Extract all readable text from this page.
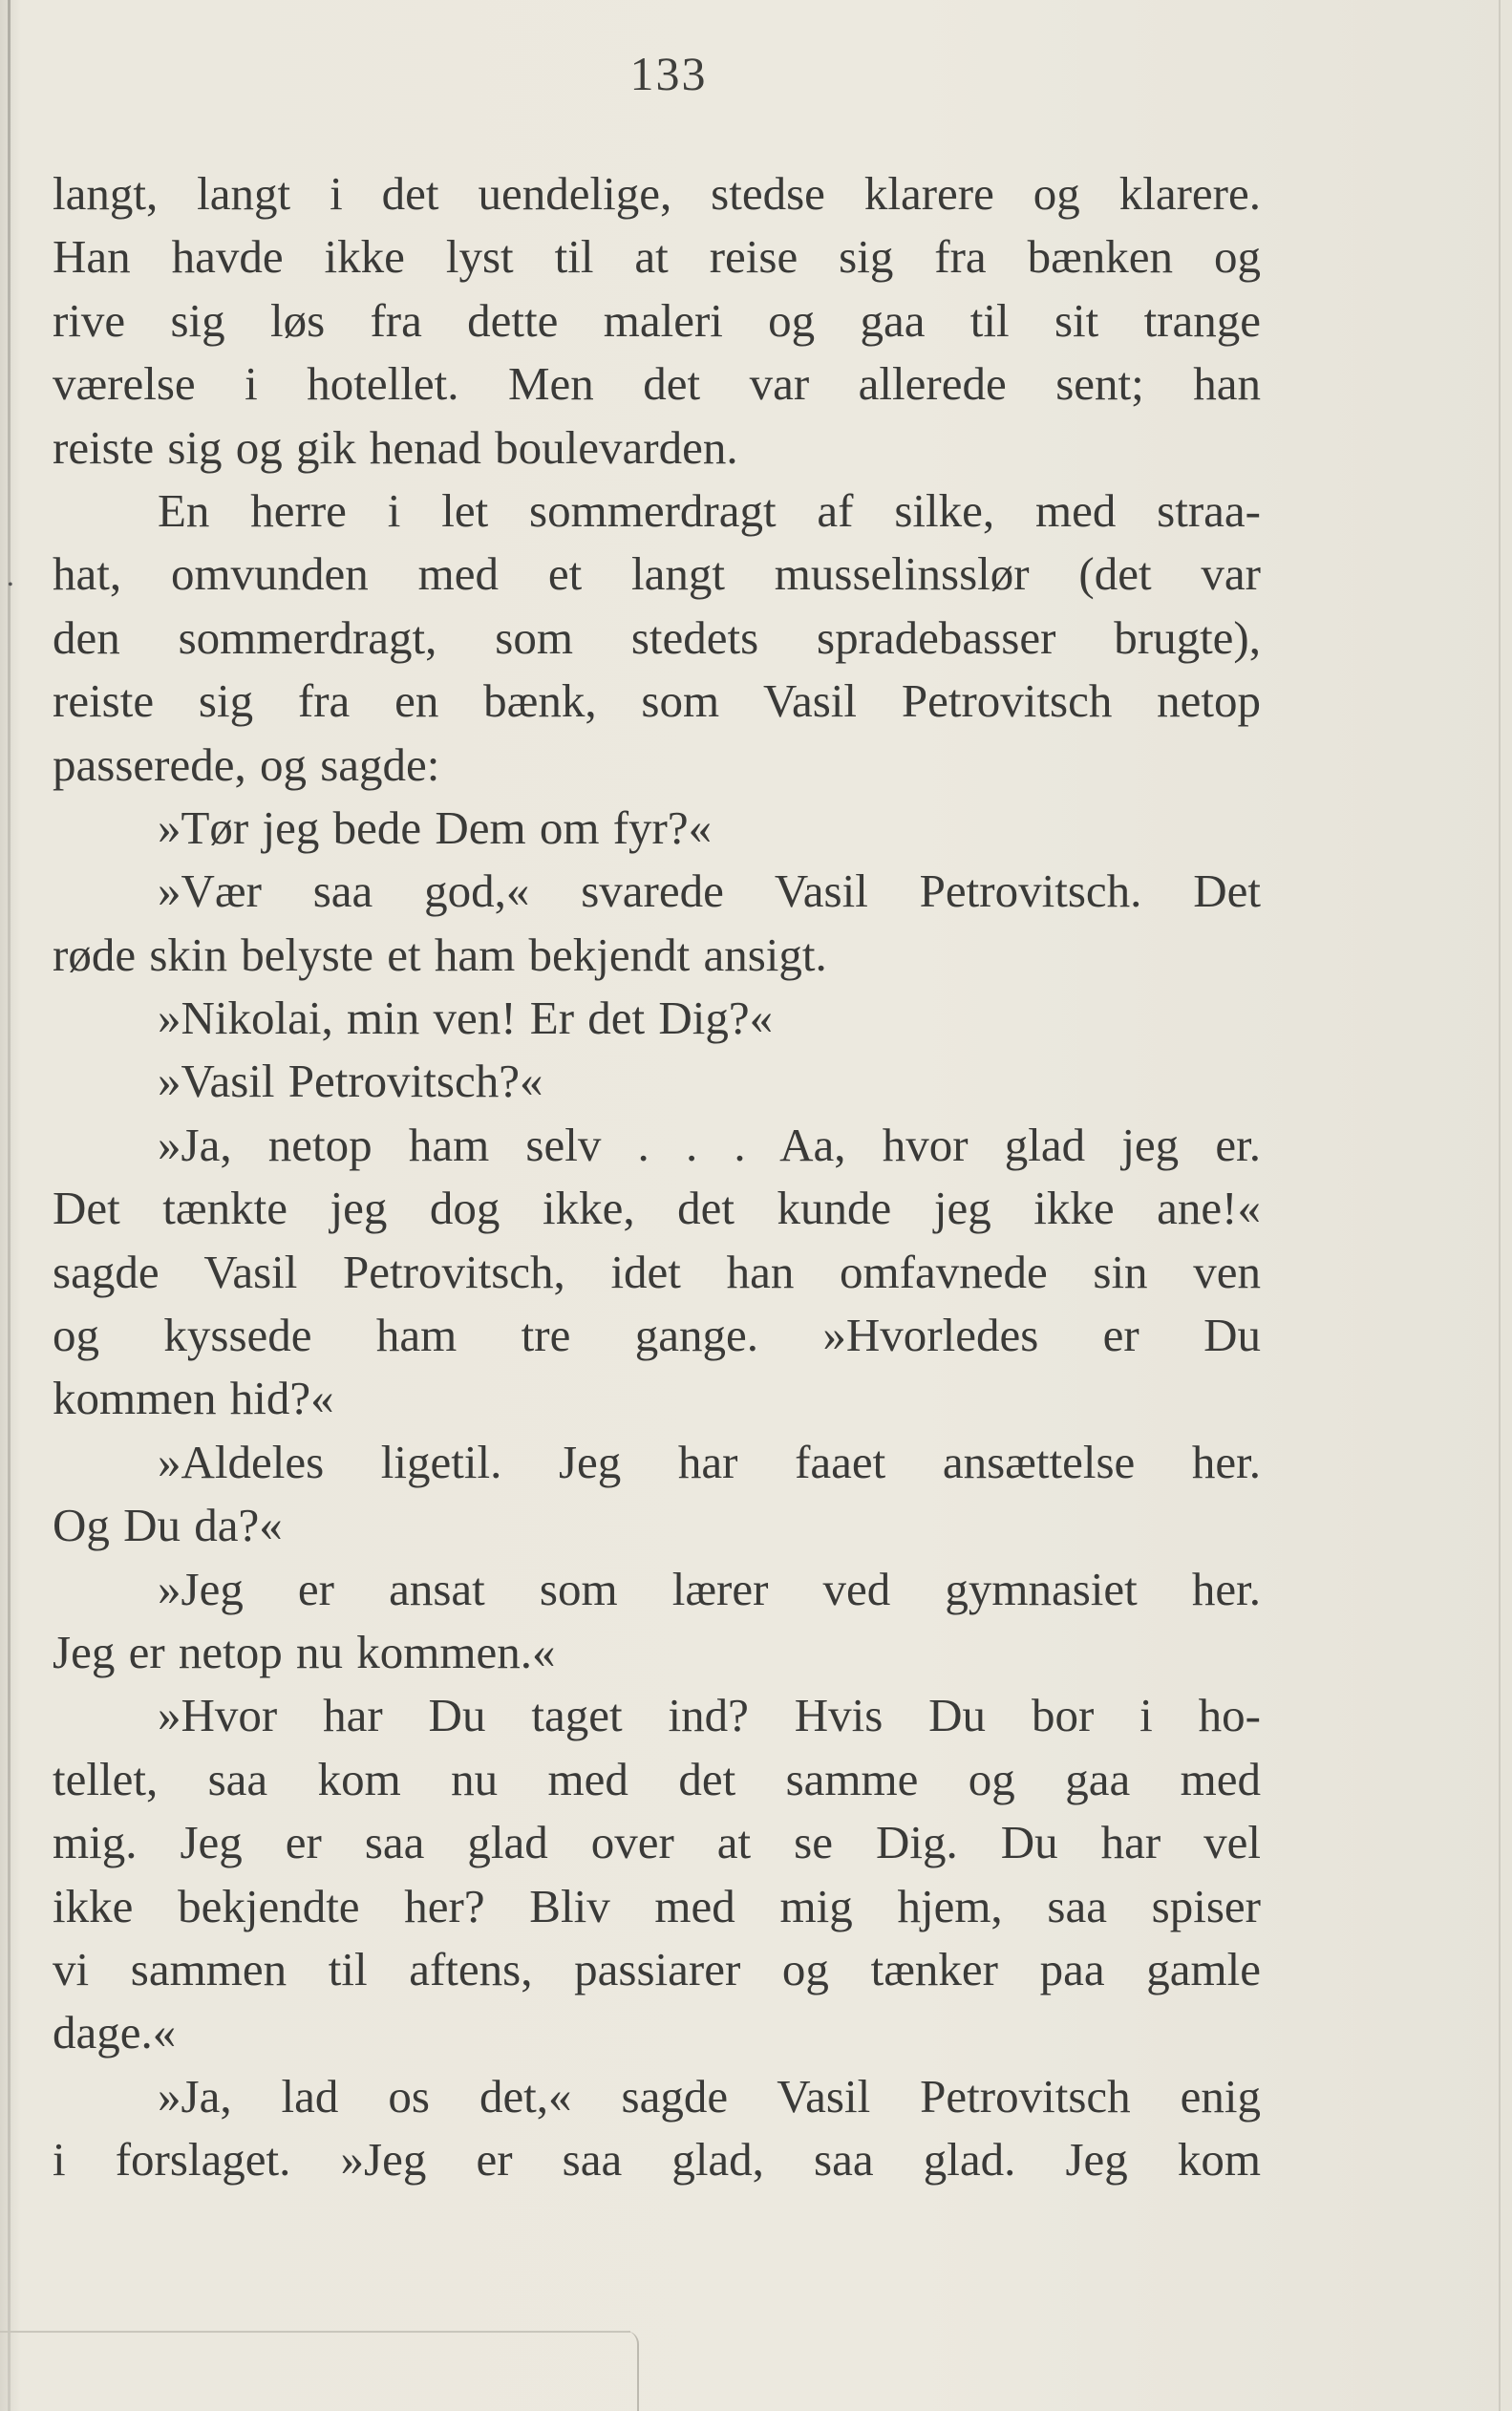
•
133
langt, langt i det uendelige, stedse klarere og klarere.
Han havde ikke lyst til at reise sig fra bænken og
rive sig løs fra dette maleri og gaa til sit trange
værelse i hotellet. Men det var allerede sent; han
reiste sig og gik henad boulevarden.
En herre i let sommerdragt af silke, med straa-
hat, omvunden med et langt musselinsslør (det var
den sommerdragt, som stedets spradebasser brugte),
reiste sig fra en bænk, som Vasil Petrovitsch netop
passerede, og sagde:
»Tør jeg bede Dem om fyr?«
»Vær saa god,« svarede Vasil Petrovitsch. Det
røde skin belyste et ham bekjendt ansigt.
»Nikolai, min ven! Er det Dig?«
»Vasil Petrovitsch?«
»Ja, netop ham selv . . . Aa, hvor glad jeg er.
Det tænkte jeg dog ikke, det kunde jeg ikke ane!«
sagde Vasil Petrovitsch, idet han omfavnede sin ven
og kyssede ham tre gange. »Hvorledes er Du
kommen hid?«
»Aldeles ligetil. Jeg har faaet ansættelse her.
Og Du da?«
»Jeg er ansat som lærer ved gymnasiet her.
Jeg er netop nu kommen.«
»Hvor har Du taget ind? Hvis Du bor i ho-
tellet, saa kom nu med det samme og gaa med
mig. Jeg er saa glad over at se Dig. Du har vel
ikke bekjendte her? Bliv med mig hjem, saa spiser
vi sammen til aftens, passiarer og tænker paa gamle
dage.«
»Ja, lad os det,« sagde Vasil Petrovitsch enig
i forslaget. »Jeg er saa glad, saa glad. Jeg kom
